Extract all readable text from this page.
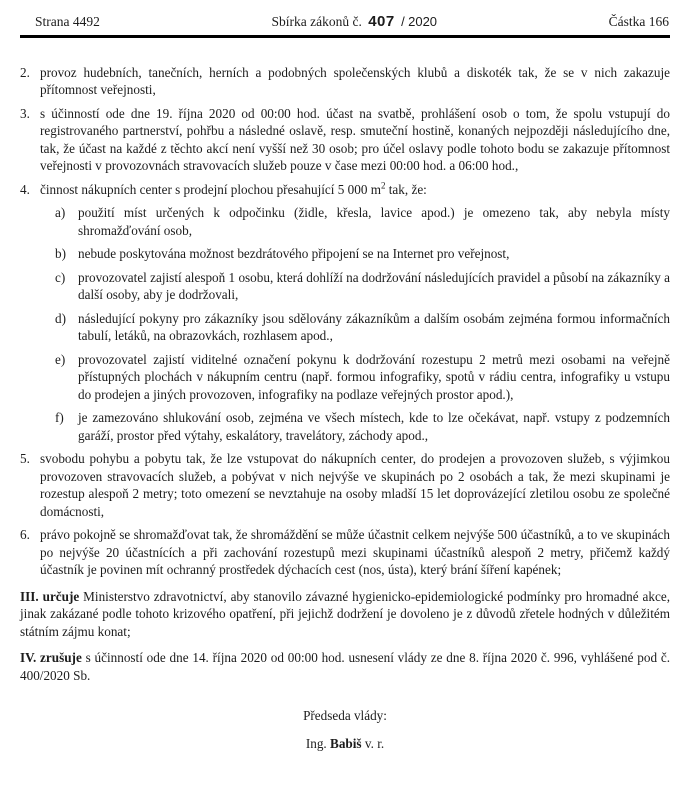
Strana 4492	Sbírka zákonů č. 407 / 2020	Částka 166
2. provoz hudebních, tanečních, herních a podobných společenských klubů a diskoték tak, že se v nich zakazuje přítomnost veřejnosti,
3. s účinností ode dne 19. října 2020 od 00:00 hod. účast na svatbě, prohlášení osob o tom, že spolu vstupují do registrovaného partnerství, pohřbu a následné oslavě, resp. smuteční hostině, konaných nejpozději následujícího dne, tak, že účast na každé z těchto akcí není vyšší než 30 osob; pro účel oslavy podle tohoto bodu se zakazuje přítomnost veřejnosti v provozovnách stravovacích služeb pouze v čase mezi 00:00 hod. a 06:00 hod.,
4. činnost nákupních center s prodejní plochou přesahující 5 000 $m^2$ tak, že:
a) použití míst určených k odpočinku (židle, křesla, lavice apod.) je omezeno tak, aby nebyla místy shromažďování osob,
b) nebude poskytována možnost bezdrátového připojení se na Internet pro veřejnost,
c) provozovatel zajistí alespoň 1 osobu, která dohlíží na dodržování následujících pravidel a působí na zákazníky a další osoby, aby je dodržovali,
d) následující pokyny pro zákazníky jsou sdělovány zákazníkům a dalším osobám zejména formou informačních tabulí, letáků, na obrazovkách, rozhlasem apod.,
e) provozovatel zajistí viditelné označení pokynu k dodržování rozestupu 2 metrů mezi osobami na veřejně přístupných plochách v nákupním centru (např. formou infografiky, spotů v rádiu centra, infografiky u vstupu do prodejen a jiných provozoven, infografiky na podlaze veřejných prostor apod.),
f) je zamezováno shlukování osob, zejména ve všech místech, kde to lze očekávat, např. vstupy z podzemních garáží, prostor před výtahy, eskalátory, travelátory, záchody apod.,
5. svobodu pohybu a pobytu tak, že lze vstupovat do nákupních center, do prodejen a provozoven služeb, s výjimkou provozoven stravovacích služeb, a pobývat v nich nejvýše ve skupinách po 2 osobách a tak, že mezi skupinami je rozestup alespoň 2 metry; toto omezení se nevztahuje na osoby mladší 15 let doprovázející zletilou osobu ze společné domácnosti,
6. právo pokojně se shromažďovat tak, že shromáždění se může účastnit celkem nejvýše 500 účastníků, a to ve skupinách po nejvýše 20 účastnících a při zachování rozestupů mezi skupinami účastníků alespoň 2 metry, přičemž každý účastník je povinen mít ochranný prostředek dýchacích cest (nos, ústa), který brání šíření kapének;
III. určuje Ministerstvo zdravotnictví, aby stanovilo závazné hygienicko-epidemiologické podmínky pro hromadné akce, jinak zakázané podle tohoto krizového opatření, při jejichž dodržení je dovoleno je z důvodů zřetele hodných v důležitém státním zájmu konat;
IV. zrušuje s účinností ode dne 14. října 2020 od 00:00 hod. usnesení vlády ze dne 8. října 2020 č. 996, vyhlášené pod č. 400/2020 Sb.
Předseda vlády:
Ing. Babiš v. r.
